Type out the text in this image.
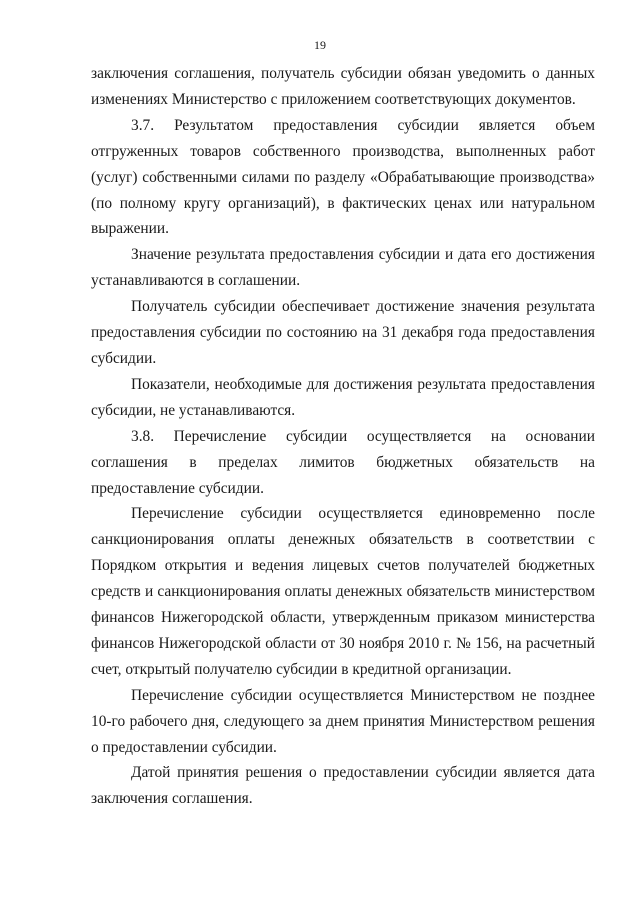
19

заключения соглашения, получатель субсидии обязан уведомить о данных изменениях Министерство с приложением соответствующих документов.

3.7. Результатом предоставления субсидии является объем отгруженных товаров собственного производства, выполненных работ (услуг) собственными силами по разделу «Обрабатывающие производства» (по полному кругу организаций), в фактических ценах или натуральном выражении.

Значение результата предоставления субсидии и дата его достижения устанавливаются в соглашении.

Получатель субсидии обеспечивает достижение значения результата предоставления субсидии по состоянию на 31 декабря года предоставления субсидии.

Показатели, необходимые для достижения результата предоставления субсидии, не устанавливаются.

3.8. Перечисление субсидии осуществляется на основании соглашения в пределах лимитов бюджетных обязательств на предоставление субсидии.

Перечисление субсидии осуществляется единовременно после санкционирования оплаты денежных обязательств в соответствии с Порядком открытия и ведения лицевых счетов получателей бюджетных средств и санкционирования оплаты денежных обязательств министерством финансов Нижегородской области, утвержденным приказом министерства финансов Нижегородской области от 30 ноября 2010 г. № 156, на расчетный счет, открытый получателю субсидии в кредитной организации.

Перечисление субсидии осуществляется Министерством не позднее 10-го рабочего дня, следующего за днем принятия Министерством решения о предоставлении субсидии.

Датой принятия решения о предоставлении субсидии является дата заключения соглашения.
